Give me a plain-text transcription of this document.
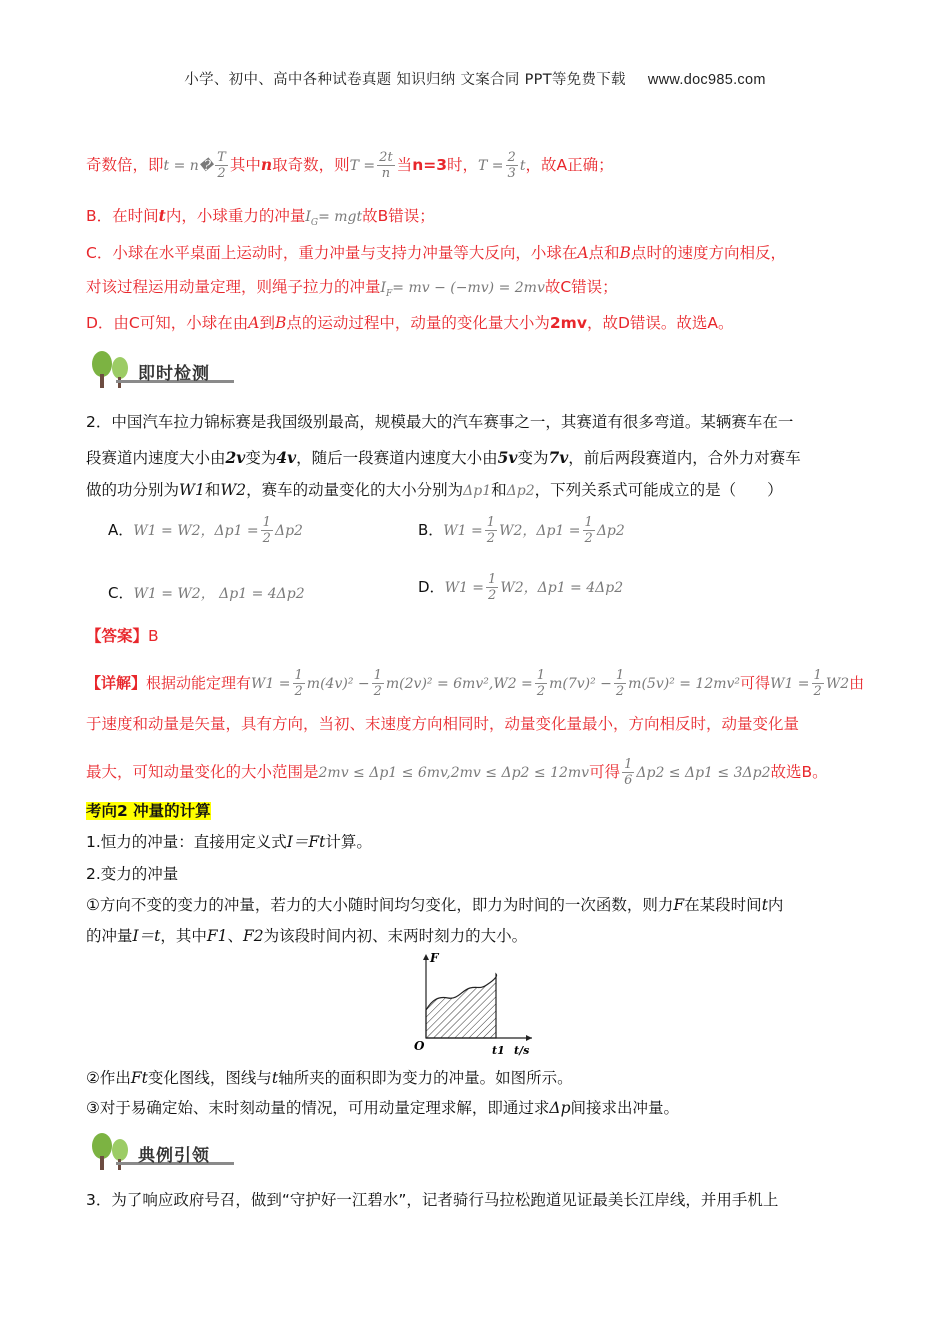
小学、初中、高中各种试卷真题 知识归纳 文案合同 PPT等免费下载 www.doc985.com
奇数倍，即t = n� $\frac{T}{2}$ 其中n取奇数，则$T = \frac{2t}{n}$ 当n=3时，$T = \frac{2}{3}$ t，故A正确；
B．在时间t内，小球重力的冲量$I_G=$ mgt故B错误；
C．小球在水平桌面上运动时，重力冲量与支持力冲量等大反向，小球在A点和B点时的速度方向相反，
对该过程运用动量定理，则绳子拉力的冲量$I_F=$ mv − (−mv) = 2mv故C错误；
D．由C可知，小球在由A到B点的运动过程中，动量的变化量大小为2mv，故D错误。故选A。
即时检测
2．中国汽车拉力锦标赛是我国级别最高，规模最大的汽车赛事之一，其赛道有很多弯道。某辆赛车在一
段赛道内速度大小由2v变为4v，随后一段赛道内速度大小由5v变为7v，前后两段赛道内，合外力对赛车
做的功分别为W1和W2，赛车的动量变化的大小分别为Δp1和Δp2，下列关系式可能成立的是（　　）
A．W1 = W2，$\Delta p1 = \frac{1}{2} \Delta p2$	B．$W1 = \frac{1}{2} W2$，$\Delta p1 = \frac{1}{2} \Delta p2$
C．W1 = W2， Δp1 = 4Δp2	D．$W1 = \frac{1}{2} W2$，Δp1 = 4Δp2
【答案】B
【详解】根据动能定理有$W1 = \frac{1}{2} m(4v)^2 - \frac{1}{2} m(2v)^2 = 6mv^2,W2 = \frac{1}{2} m(7v)^2 - \frac{1}{2} m(5v)^2 = 12mv^2$可得$W1 = \frac{1}{2} W2$由
于速度和动量是矢量，具有方向，当初、末速度方向相同时，动量变化量最小，方向相反时，动量变化量
最大，可知动量变化的大小范围是2mv ≤ Δp1 ≤ 6mv,2mv ≤ Δp2 ≤ 12mv可得 $\frac{1}{6} \Delta p2 \le \Delta p1 \le 3\Delta p2$故选B。
考向2 冲量的计算
1.恒力的冲量：直接用定义式I＝Ft计算。
2.变力的冲量
①方向不变的变力的冲量，若力的大小随时间均匀变化，即力为时间的一次函数，则力F在某段时间t内
的冲量I＝t，其中F1、F2为该段时间内初、末两时刻力的大小。
F
O	t1 t/s
②作出Ft变化图线，图线与t轴所夹的面积即为变力的冲量。如图所示。
③对于易确定始、末时刻动量的情况，可用动量定理求解，即通过求Δp间接求出冲量。
典例引领
3．为了响应政府号召，做到“守护好一江碧水”，记者骑行马拉松跑道见证最美长江岸线，并用手机上
